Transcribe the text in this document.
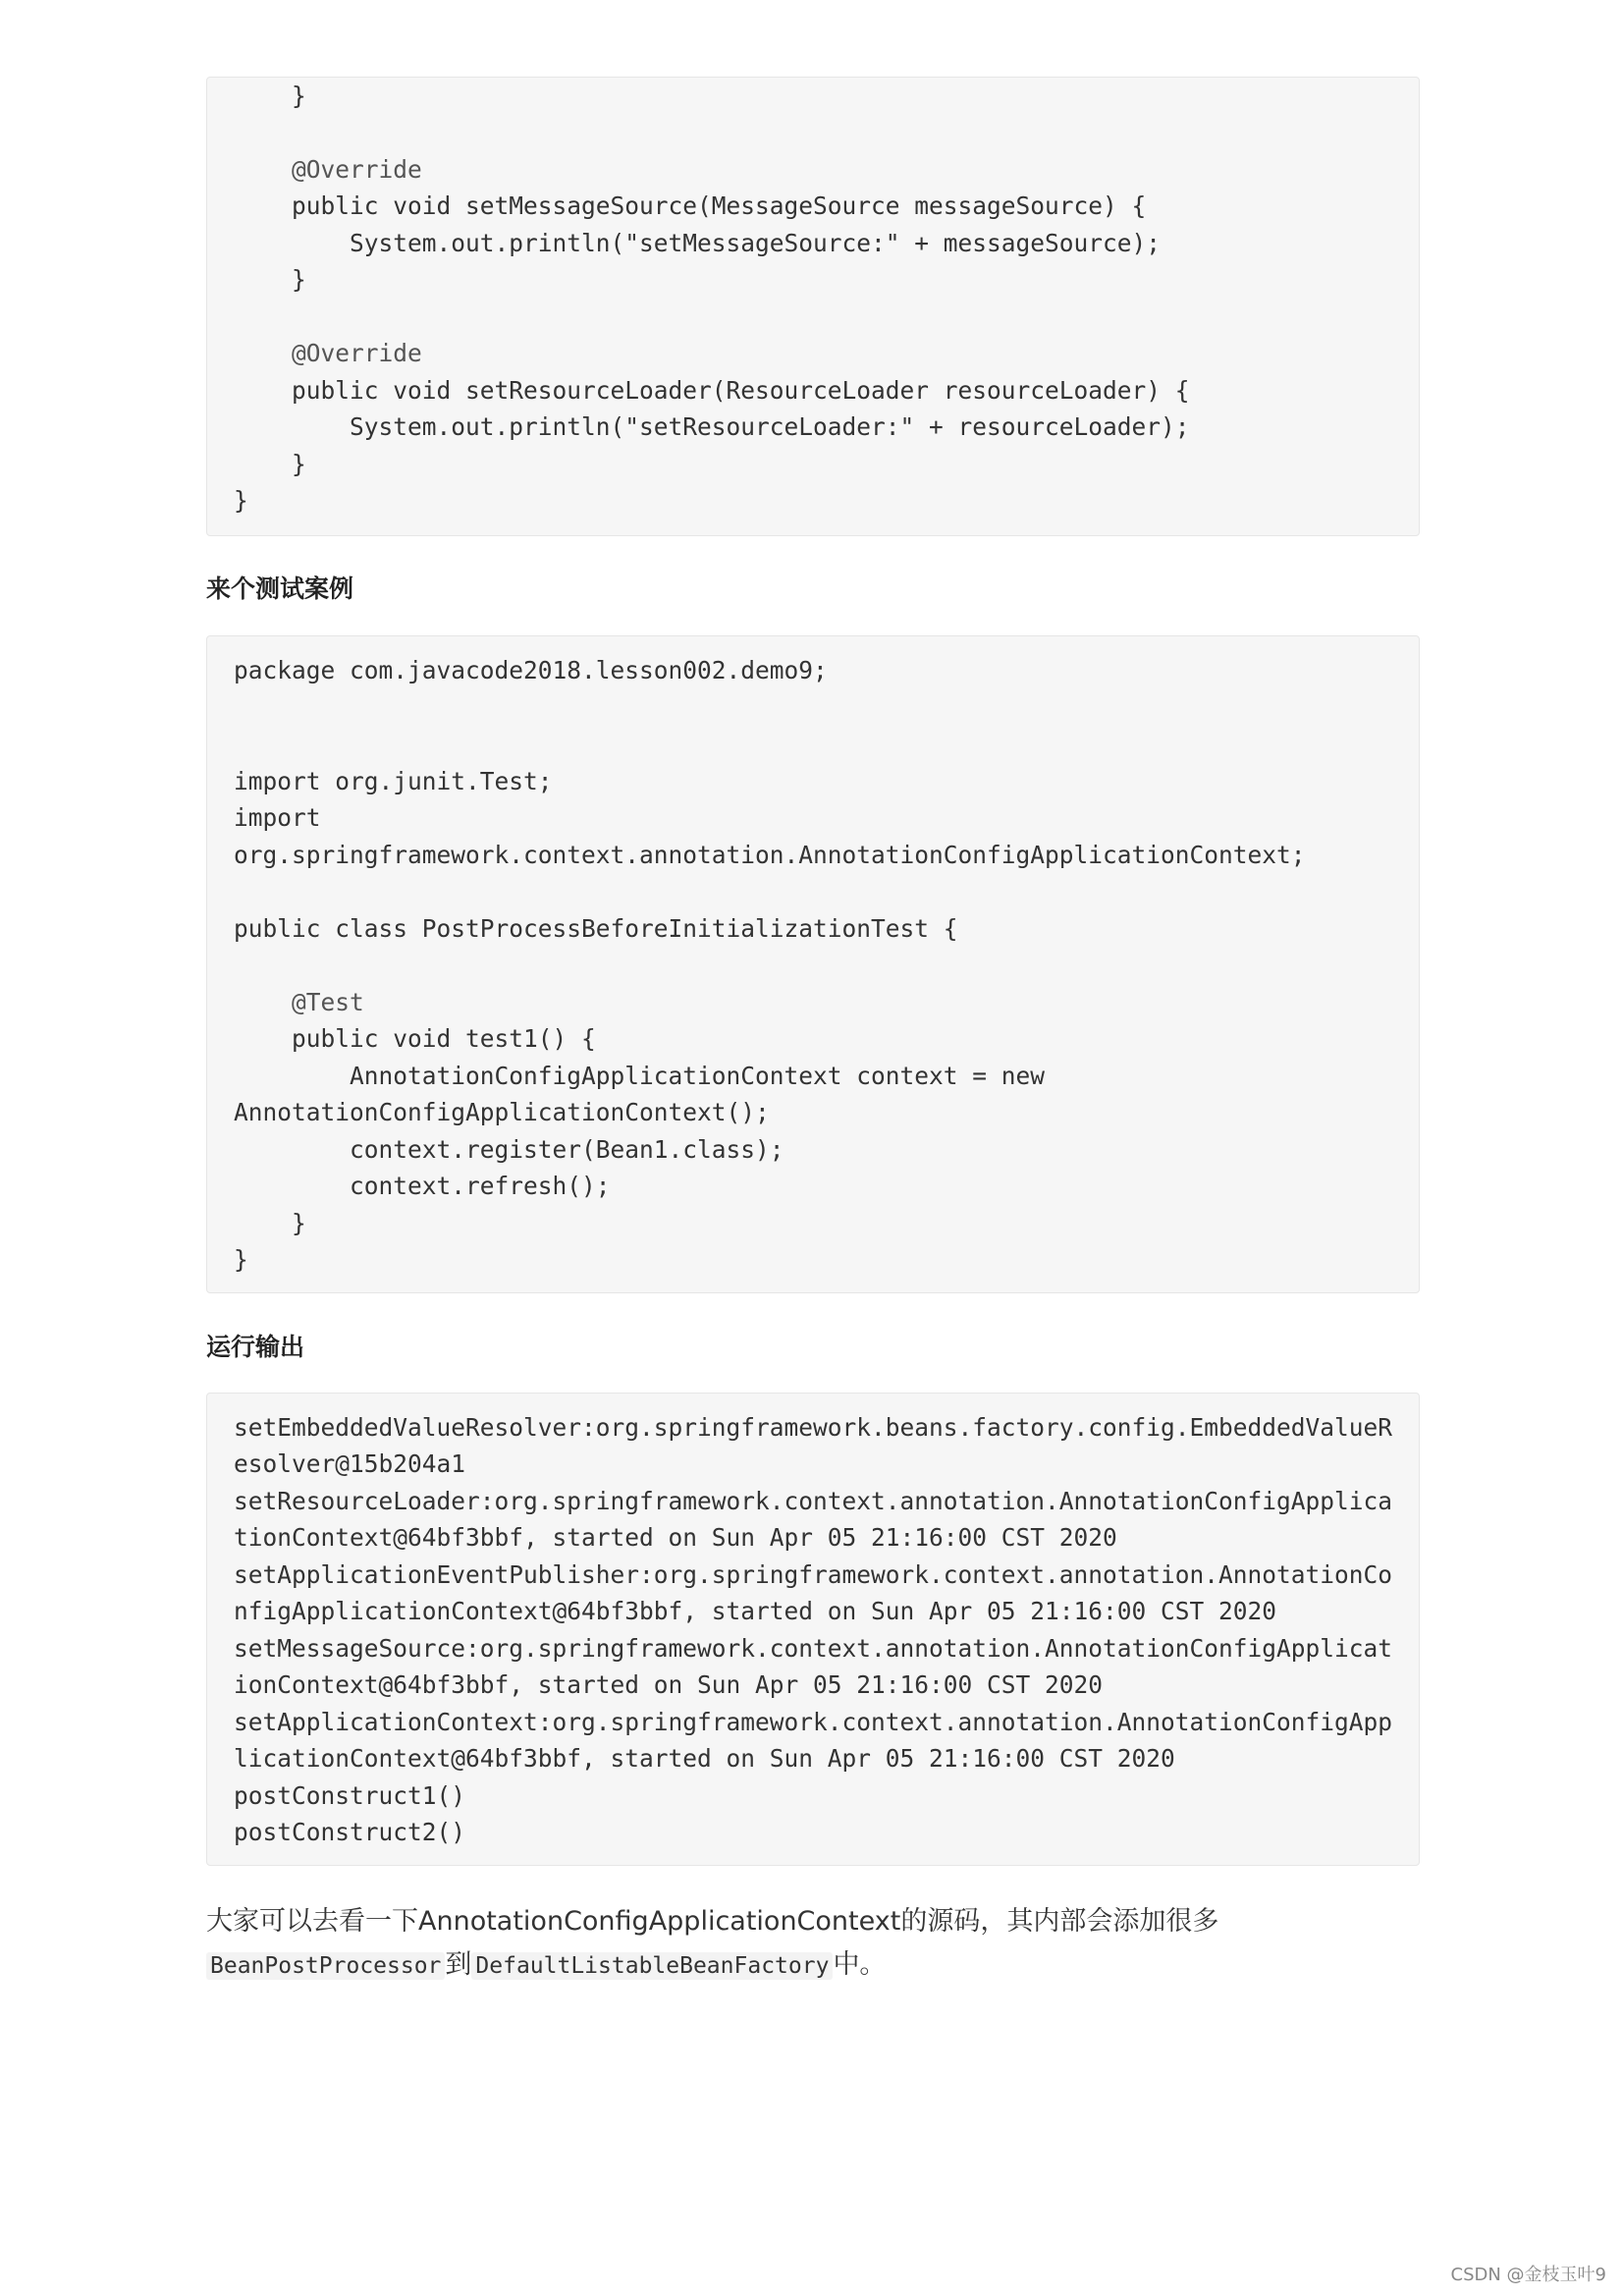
}
@Override
public void setMessageSource(MessageSource messageSource) {
System.out.println("setMessageSource:" + messageSource);
}
@Override
public void setResourceLoader(ResourceLoader resourceLoader) {
System.out.println("setResourceLoader:" + resourceLoader);
}
}
来个测试案例
package com.javacode2018.lesson002.demo9;
import org.junit.Test;
import
org.springframework.context.annotation.AnnotationConfigApplicationContext;
public class PostProcessBeforeInitializationTest {
@Test
public void test1() {
AnnotationConfigApplicationContext context = new
AnnotationConfigApplicationContext();
context.register(Bean1.class);
context.refresh();
}
}
运行输出
setEmbeddedValueResolver:org.springframework.beans.factory.config.EmbeddedValueR
esolver@15b204a1
setResourceLoader:org.springframework.context.annotation.AnnotationConfigApplica
tionContext@64bf3bbf, started on Sun Apr 05 21:16:00 CST 2020
setApplicationEventPublisher:org.springframework.context.annotation.AnnotationCo
nfigApplicationContext@64bf3bbf, started on Sun Apr 05 21:16:00 CST 2020
setMessageSource:org.springframework.context.annotation.AnnotationConfigApplicat
ionContext@64bf3bbf, started on Sun Apr 05 21:16:00 CST 2020
setApplicationContext:org.springframework.context.annotation.AnnotationConfigApp
licationContext@64bf3bbf, started on Sun Apr 05 21:16:00 CST 2020
postConstruct1()
postConstruct2()
大家可以去看一下AnnotationConfigApplicationContext的源码，其内部会添加很多
BeanPostProcessor 到 DefaultListableBeanFactory 中。
CSDN @金枝玉叶9
